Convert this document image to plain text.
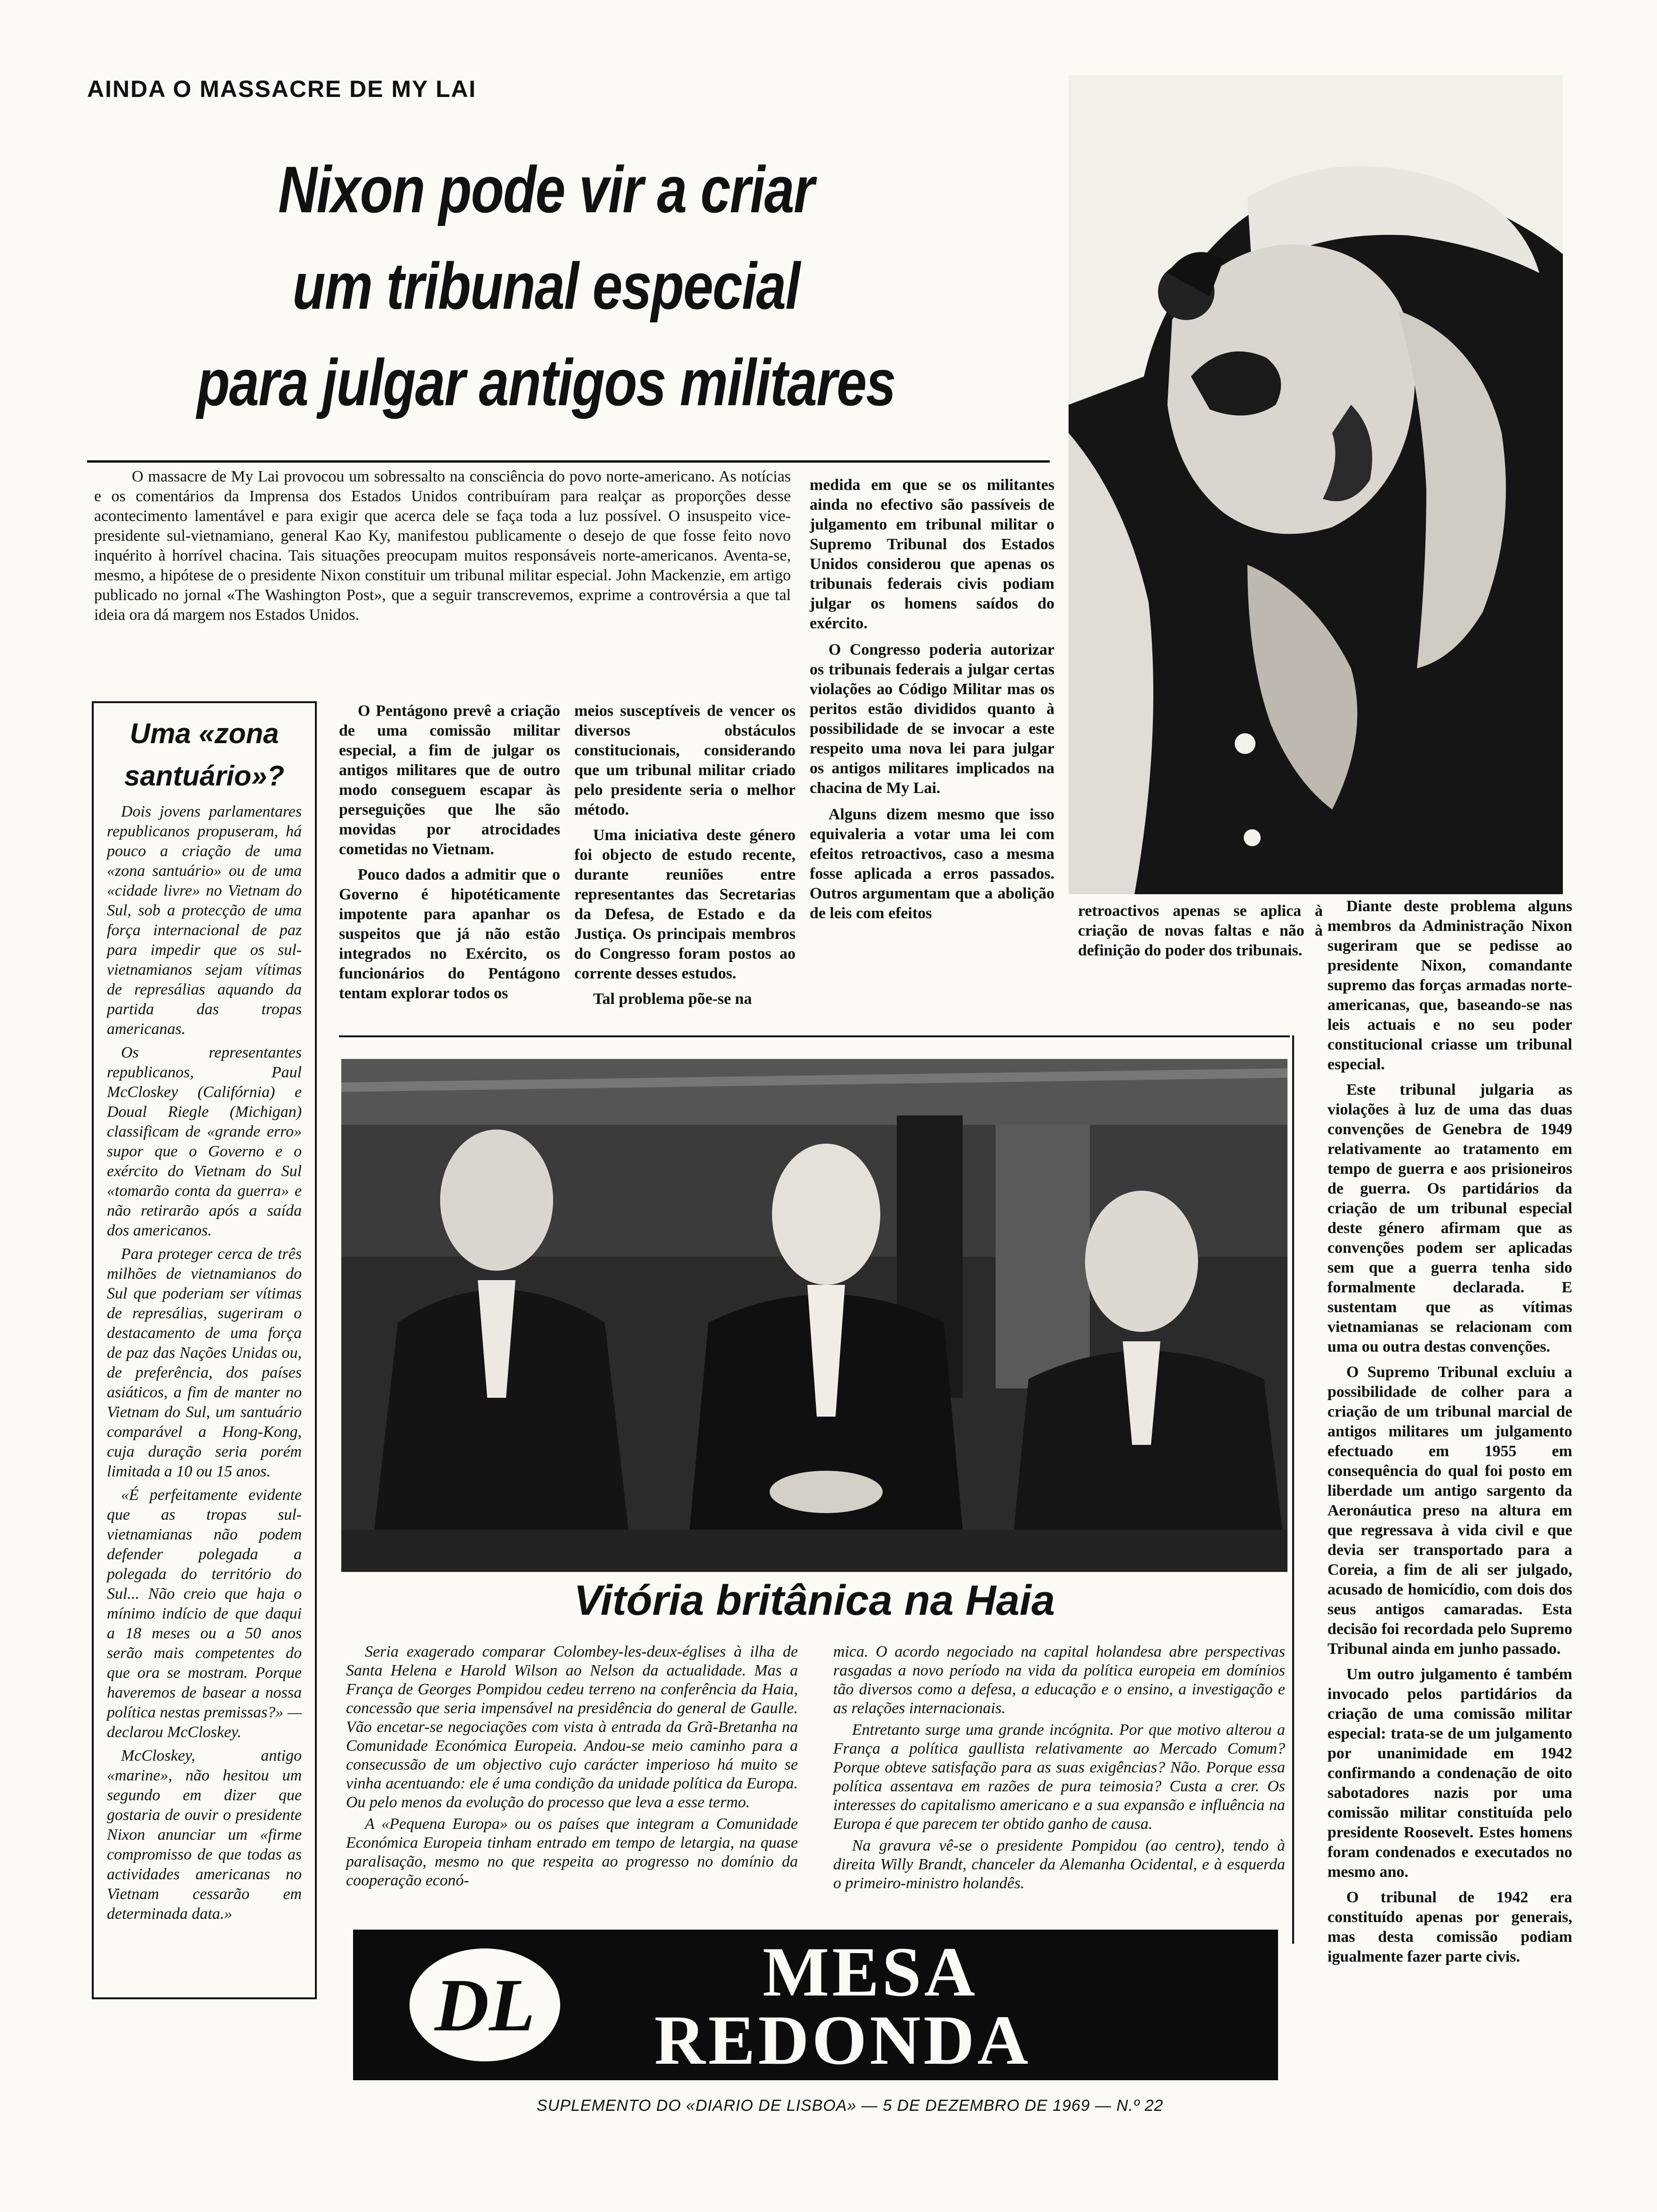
AINDA O MASSACRE DE MY LAI
Nixon pode vir a criar
um tribunal especial
para julgar antigos militares
O massacre de My Lai provocou um sobressalto na consciência do povo norte-americano. As notícias e os comentários da Imprensa dos Estados Unidos contribuíram para realçar as proporções desse acontecimento lamentável e para exigir que acerca dele se faça toda a luz possível. O insuspeito vice-presidente sul-vietnamiano, general Kao Ky, manifestou publicamente o desejo de que fosse feito novo inquérito à horrível chacina. Tais situações preocupam muitos responsáveis norte-americanos. Aventa-se, mesmo, a hipótese de o presidente Nixon constituir um tribunal militar especial. John Mackenzie, em artigo publicado no jornal «The Washington Post», que a seguir transcrevemos, exprime a controvérsia a que tal ideia ora dá margem nos Estados Unidos.

medida em que se os militantes ainda no efectivo são passíveis de julgamento em tribunal militar o Supremo Tribunal dos Estados Unidos considerou que apenas os tribunais federais civis podiam julgar os homens saídos do exército.

O Congresso poderia autorizar os tribunais federais a julgar certas violações ao Código Militar mas os peritos estão divididos quanto à possibilidade de se invocar a este respeito uma nova lei para julgar os antigos militares implicados na chacina de My Lai.

Alguns dizem mesmo que isso equivaleria a votar uma lei com efeitos retroactivos, caso a mesma fosse aplicada a erros passados. Outros argumentam que a abolição de leis com efeitos

Uma «zona
santuário»?

Dois jovens parlamentares republicanos propuseram, há pouco a criação de uma «zona santuário» ou de uma «cidade livre» no Vietnam do Sul, sob a protecção de uma força internacional de paz para impedir que os sul-vietnamianos sejam vítimas de represálias aquando da partida das tropas americanas.

Os representantes republicanos, Paul McCloskey (Califórnia) e Doual Riegle (Michigan) classificam de «grande erro» supor que o Governo e o exército do Vietnam do Sul «tomarão conta da guerra» e não retirarão após a saída dos americanos.

Para proteger cerca de três milhões de vietnamianos do Sul que poderiam ser vítimas de represálias, sugeriram o destacamento de uma força de paz das Nações Unidas ou, de preferência, dos países asiáticos, a fim de manter no Vietnam do Sul, um santuário comparável a Hong-Kong, cuja duração seria porém limitada a 10 ou 15 anos.

«É perfeitamente evidente que as tropas sul-vietnamianas não podem defender polegada a polegada do território do Sul... Não creio que haja o mínimo indício de que daqui a 18 meses ou a 50 anos serão mais competentes do que ora se mostram. Porque haveremos de basear a nossa política nestas premissas?» — declarou McCloskey.

McCloskey, antigo «marine», não hesitou um segundo em dizer que gostaria de ouvir o presidente Nixon anunciar um «firme compromisso de que todas as actividades americanas no Vietnam cessarão em determinada data.»

O Pentágono prevê a criação de uma comissão militar especial, a fim de julgar os antigos militares que de outro modo conseguem escapar às perseguições que lhe são movidas por atrocidades cometidas no Vietnam.

Pouco dados a admitir que o Governo é hipotéticamente impotente para apanhar os suspeitos que já não estão integrados no Exército, os funcionários do Pentágono tentam explorar todos os

meios susceptíveis de vencer os diversos obstáculos constitucionais, considerando que um tribunal militar criado pelo presidente seria o melhor método.

Uma iniciativa deste género foi objecto de estudo recente, durante reuniões entre representantes das Secretarias da Defesa, de Estado e da Justiça. Os principais membros do Congresso foram postos ao corrente desses estudos.

Tal problema põe-se na

retroactivos apenas se aplica à criação de novas faltas e não à definição do poder dos tribunais.

Diante deste problema alguns membros da Administração Nixon sugeriram que se pedisse ao presidente Nixon, comandante supremo das forças armadas norte-americanas, que, baseando-se nas leis actuais e no seu poder constitucional criasse um tribunal especial.

Este tribunal julgaria as violações à luz de uma das duas convenções de Genebra de 1949 relativamente ao tratamento em tempo de guerra e aos prisioneiros de guerra. Os partidários da criação de um tribunal especial deste género afirmam que as convenções podem ser aplicadas sem que a guerra tenha sido formalmente declarada. E sustentam que as vítimas vietnamianas se relacionam com uma ou outra destas convenções.

O Supremo Tribunal excluiu a possibilidade de colher para a criação de um tribunal marcial de antigos militares um julgamento efectuado em 1955 em consequência do qual foi posto em liberdade um antigo sargento da Aeronáutica preso na altura em que regressava à vida civil e que devia ser transportado para a Coreia, a fim de ali ser julgado, acusado de homicídio, com dois dos seus antigos camaradas. Esta decisão foi recordada pelo Supremo Tribunal ainda em junho passado.

Um outro julgamento é também invocado pelos partidários da criação de uma comissão militar especial: trata-se de um julgamento por unanimidade em 1942 confirmando a condenação de oito sabotadores nazis por uma comissão militar constituída pelo presidente Roosevelt. Estes homens foram condenados e executados no mesmo ano.

O tribunal de 1942 era constituído apenas por generais, mas desta comissão podiam igualmente fazer parte civis.

Vitória britânica na Haia

Seria exagerado comparar Colombey-les-deux-églises à ilha de Santa Helena e Harold Wilson ao Nelson da actualidade. Mas a França de Georges Pompidou cedeu terreno na conferência da Haia, concessão que seria impensável na presidência do general de Gaulle. Vão encetar-se negociações com vista à entrada da Grã-Bretanha na Comunidade Económica Europeia. Andou-se meio caminho para a consecussão de um objectivo cujo carácter imperioso há muito se vinha acentuando: ele é uma condição da unidade política da Europa. Ou pelo menos da evolução do processo que leva a esse termo.

A «Pequena Europa» ou os países que integram a Comunidade Económica Europeia tinham entrado em tempo de letargia, na quase paralisação, mesmo no que respeita ao progresso no domínio da cooperação econó-

mica. O acordo negociado na capital holandesa abre perspectivas rasgadas a novo período na vida da política europeia em domínios tão diversos como a defesa, a educação e o ensino, a investigação e as relações internacionais.

Entretanto surge uma grande incógnita. Por que motivo alterou a França a política gaullista relativamente ao Mercado Comum? Porque obteve satisfação para as suas exigências? Não. Porque essa política assentava em razões de pura teimosia? Custa a crer. Os interesses do capitalismo americano e a sua expansão e influência na Europa é que parecem ter obtido ganho de causa.

Na gravura vê-se o presidente Pompidou (ao centro), tendo à direita Willy Brandt, chanceler da Alemanha Ocidental, e à esquerda o primeiro-ministro holandês.

DL	MESA
REDONDA
SUPLEMENTO DO «DIARIO DE LISBOA» — 5 DE DEZEMBRO DE 1969 — N.º 22
